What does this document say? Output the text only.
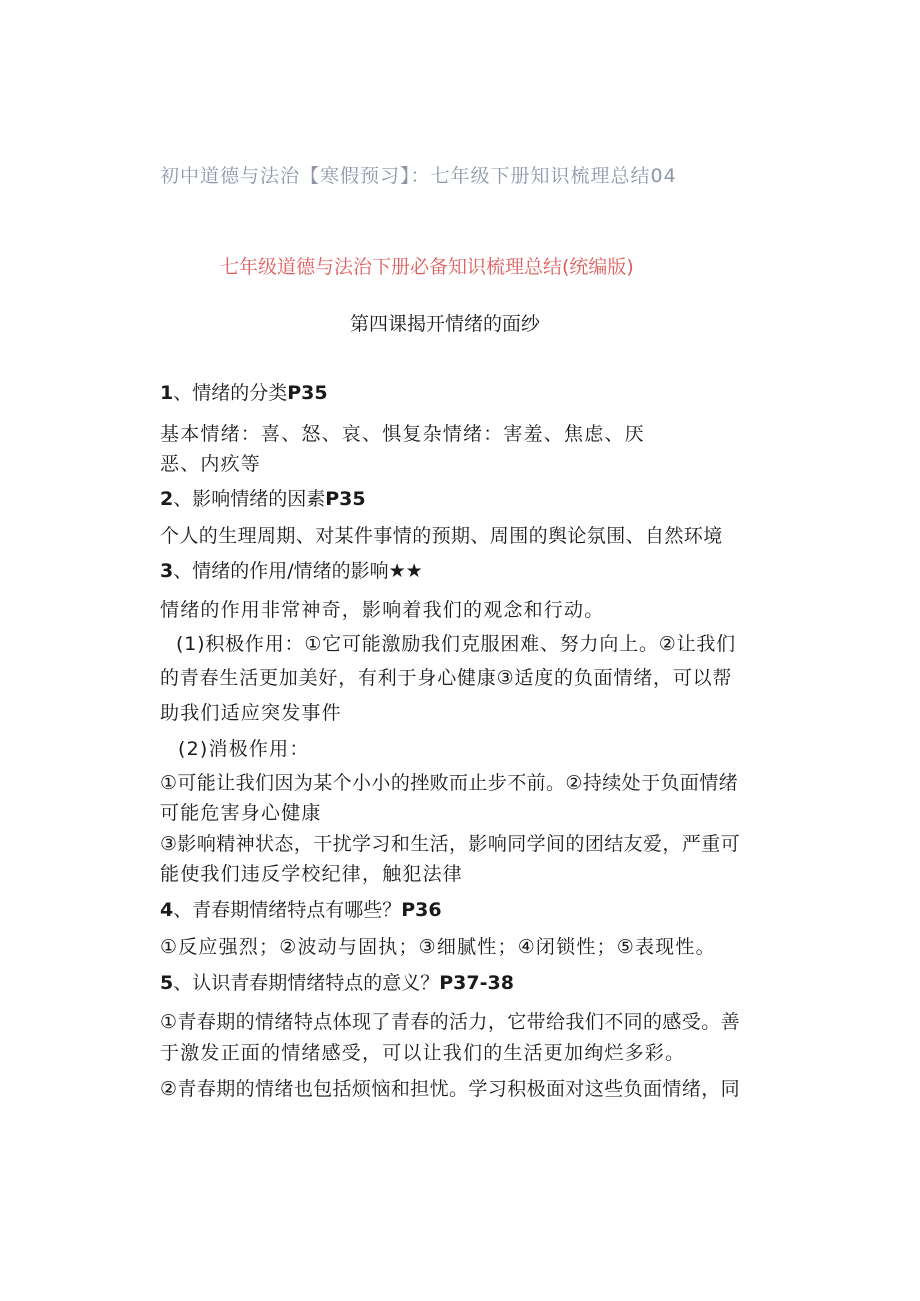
初中道德与法治【寒假预习】：七年级下册知识梳理总结04
七年级道德与法治下册必备知识梳理总结(统编版)
第四课揭开情绪的面纱
1、情绪的分类P35
基本情绪：喜、怒、哀、惧复杂情绪：害羞、焦虑、厌
恶、内疚等
2、影响情绪的因素P35
个人的生理周期、对某件事情的预期、周围的舆论氛围、自然环境
3、情绪的作用/情绪的影响★★
情绪的作用非常神奇，影响着我们的观念和行动。
(1)积极作用：①它可能激励我们克服困难、努力向上。②让我们
的青春生活更加美好，有利于身心健康③适度的负面情绪，可以帮
助我们适应突发事件
(2)消极作用：
①可能让我们因为某个小小的挫败而止步不前。②持续处于负面情绪
可能危害身心健康
③影响精神状态，干扰学习和生活，影响同学间的团结友爱，严重可
能使我们违反学校纪律，触犯法律
4、青春期情绪特点有哪些？P36
①反应强烈；②波动与固执；③细腻性；④闭锁性；⑤表现性。
5、认识青春期情绪特点的意义？P37-38
①青春期的情绪特点体现了青春的活力，它带给我们不同的感受。善
于激发正面的情绪感受，可以让我们的生活更加绚烂多彩。
②青春期的情绪也包括烦恼和担忧。学习积极面对这些负面情绪，同
